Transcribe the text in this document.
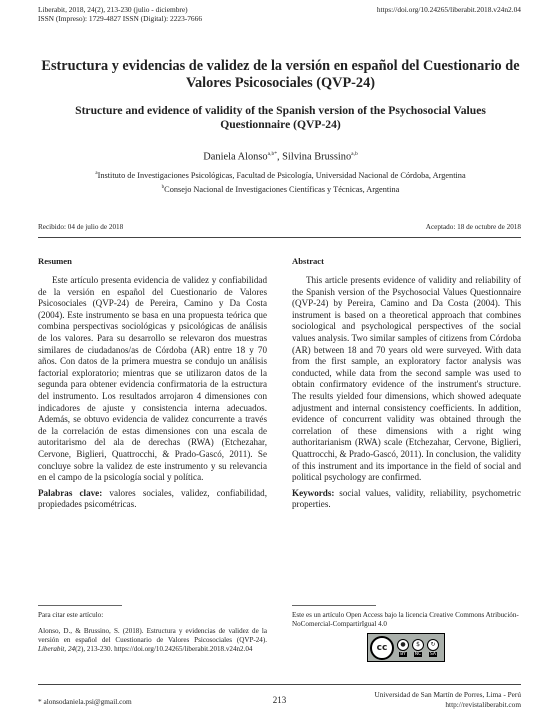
Liberabit, 2018, 24(2), 213-230 (julio - diciembre)
ISSN (Impreso): 1729-4827 ISSN (Digital): 2223-7666
https://doi.org/10.24265/liberabit.2018.v24n2.04
Estructura y evidencias de validez de la versión en español del Cuestionario de Valores Psicosociales (QVP-24)
Structure and evidence of validity of the Spanish version of the Psychosocial Values Questionnaire (QVP-24)
Daniela Alonso$^{a,b*}$, Silvina Brussino$^{a,b}$
$^a$Instituto de Investigaciones Psicológicas, Facultad de Psicología, Universidad Nacional de Córdoba, Argentina
$^b$Consejo Nacional de Investigaciones Científicas y Técnicas, Argentina
Recibido: 04 de julio de 2018	Aceptado: 18 de octubre de 2018
Resumen

Este artículo presenta evidencia de validez y confiabilidad de la versión en español del Cuestionario de Valores Psicosociales (QVP-24) de Pereira, Camino y Da Costa (2004). Este instrumento se basa en una propuesta teórica que combina perspectivas sociológicas y psicológicas de análisis de los valores. Para su desarrollo se relevaron dos muestras similares de ciudadanos/as de Córdoba (AR) entre 18 y 70 años. Con datos de la primera muestra se condujo un análisis factorial exploratorio; mientras que se utilizaron datos de la segunda para obtener evidencia confirmatoria de la estructura del instrumento. Los resultados arrojaron 4 dimensiones con indicadores de ajuste y consistencia interna adecuados. Además, se obtuvo evidencia de validez concurrente a través de la correlación de estas dimensiones con una escala de autoritarismo del ala de derechas (RWA) (Etchezahar, Cervone, Biglieri, Quattrocchi, & Prado-Gascó, 2011). Se concluye sobre la validez de este instrumento y su relevancia en el campo de la psicología social y política.

Palabras clave: valores sociales, validez, confiabilidad, propiedades psicométricas.

Abstract

This article presents evidence of validity and reliability of the Spanish version of the Psychosocial Values Questionnaire (QVP-24) by Pereira, Camino and Da Costa (2004). This instrument is based on a theoretical approach that combines sociological and psychological perspectives of the social values analysis. Two similar samples of citizens from Córdoba (AR) between 18 and 70 years old were surveyed. With data from the first sample, an exploratory factor analysis was conducted, while data from the second sample was used to obtain confirmatory evidence of the instrument's structure. The results yielded four dimensions, which showed adequate adjustment and internal consistency coefficients. In addition, evidence of concurrent validity was obtained through the correlation of these dimensions with a right wing authoritarianism (RWA) scale (Etchezahar, Cervone, Biglieri, Quattrocchi, & Prado-Gascó, 2011). In conclusion, the validity of this instrument and its importance in the field of social and political psychology are confirmed.

Keywords: social values, validity, reliability, psychometric properties.

Para citar este artículo:
Alonso, D., & Brussino, S. (2018). Estructura y evidencias de validez de la versión en español del Cuestionario de Valores Psicosociales (QVP-24). Liberabit, 24(2), 213-230. https://doi.org/10.24265/liberabit.2018.v24n2.04
Este es un artículo Open Access bajo la licencia Creative Commons Atribución-NoComercial-CompartirIgual 4.0
cc	●
BY
$
NC
↻
SA
* alonsodaniela.psi@gmail.com	213
Universidad de San Martín de Porres, Lima - Perú
http://revistaliberabit.com
